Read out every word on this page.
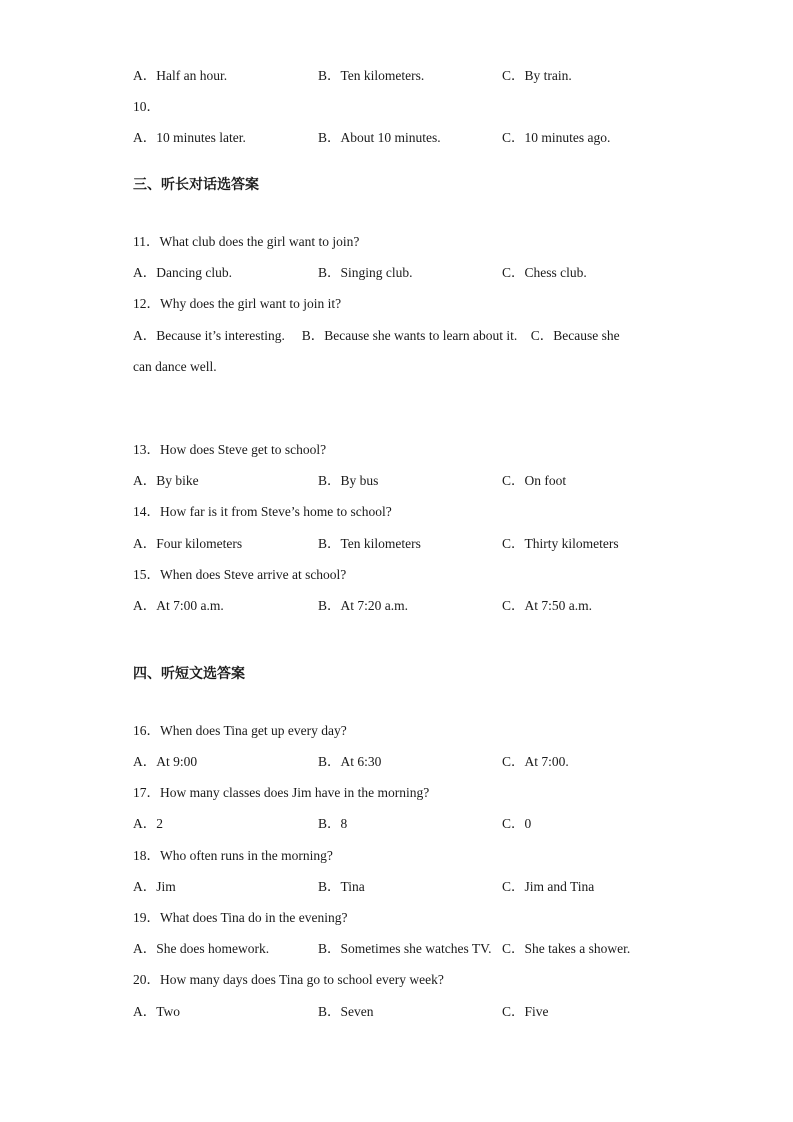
A．Half an hour.	B．Ten kilometers.	C．By train.
10．
A．10 minutes later.	B．About 10 minutes.	C．10 minutes ago.
三、听长对话选答案
11．What club does the girl want to join?
A．Dancing club.	B．Singing club.	C．Chess club.
12．Why does the girl want to join it?
A．Because it’s interesting.　 B．Because she wants to learn about it.　C．Because she
can dance well.
13．How does Steve get to school?
A．By bike	B．By bus	C．On foot
14．How far is it from Steve’s home to school?
A．Four kilometers	B．Ten kilometers	C．Thirty kilometers
15．When does Steve arrive at school?
A．At 7:00 a.m.	B．At 7:20 a.m.	C．At 7:50 a.m.
四、听短文选答案
16．When does Tina get up every day?
A．At 9:00	B．At 6:30	C．At 7:00.
17．How many classes does Jim have in the morning?
A．2	B．8	C．0
18．Who often runs in the morning?
A．Jim	B．Tina	C．Jim and Tina
19．What does Tina do in the evening?
A．She does homework.	B．Sometimes she watches TV. C．She takes a shower.
20．How many days does Tina go to school every week?
A．Two	B．Seven	C．Five
